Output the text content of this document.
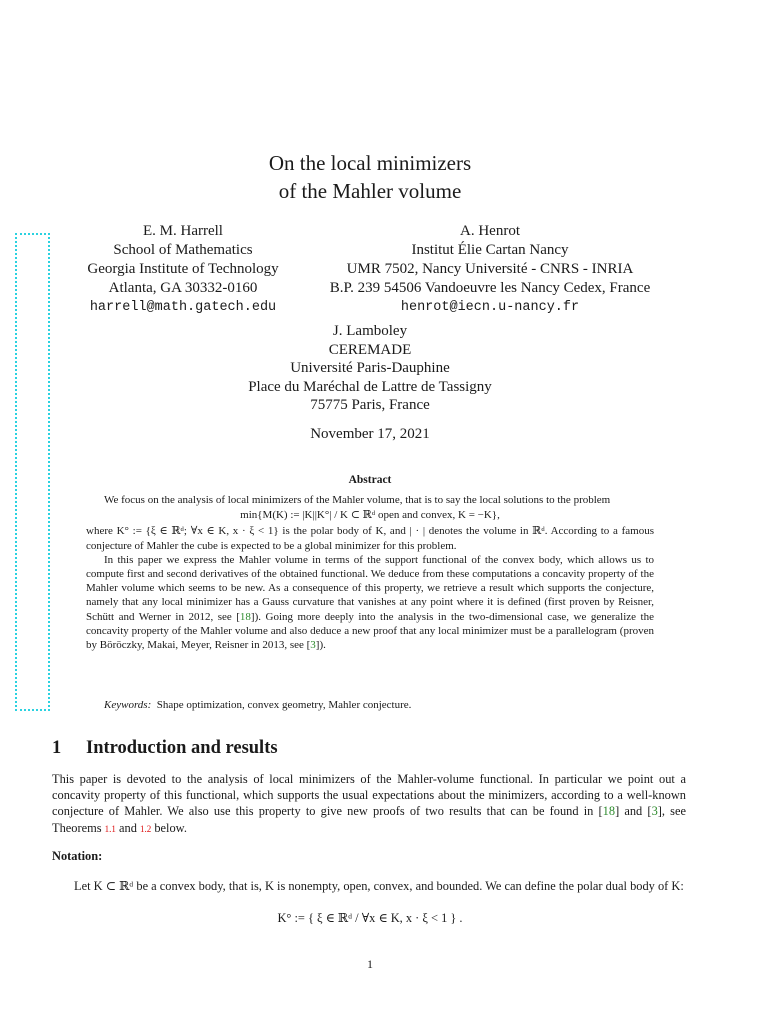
On the local minimizers
of the Mahler volume
E. M. Harrell
School of Mathematics
Georgia Institute of Technology
Atlanta, GA 30332-0160
harrell@math.gatech.edu
A. Henrot
Institut Élie Cartan Nancy
UMR 7502, Nancy Université - CNRS - INRIA
B.P. 239 54506 Vandoeuvre les Nancy Cedex, France
henrot@iecn.u-nancy.fr
J. Lamboley
CEREMADE
Université Paris-Dauphine
Place du Maréchal de Lattre de Tassigny
75775 Paris, France
November 17, 2021
Abstract

We focus on the analysis of local minimizers of the Mahler volume, that is to say the local solutions to the problem

min{M(K) := |K||K°| / K ⊂ ℝᵈ open and convex, K = −K},

where K° := {ξ ∈ ℝᵈ; ∀x ∈ K, x · ξ < 1} is the polar body of K, and | · | denotes the volume in ℝᵈ. According to a famous conjecture of Mahler the cube is expected to be a global minimizer for this problem.

In this paper we express the Mahler volume in terms of the support functional of the convex body, which allows us to compute first and second derivatives of the obtained functional. We deduce from these computations a concavity property of the Mahler volume which seems to be new. As a consequence of this property, we retrieve a result which supports the conjecture, namely that any local minimizer has a Gauss curvature that vanishes at any point where it is defined (first proven by Reisner, Schütt and Werner in 2012, see [18]). Going more deeply into the analysis in the two-dimensional case, we generalize the concavity property of the Mahler volume and also deduce a new proof that any local minimizer must be a parallelogram (proven by Böröczky, Makai, Meyer, Reisner in 2013, see [3]).

Keywords: Shape optimization, convex geometry, Mahler conjecture.
1 Introduction and results

This paper is devoted to the analysis of local minimizers of the Mahler-volume functional. In particular we point out a concavity property of this functional, which supports the usual expectations about the minimizers, according to a well-known conjecture of Mahler. We also use this property to give new proofs of two results that can be found in [18] and [3], see Theorems 1.1 and 1.2 below.

Notation:
Let K ⊂ ℝᵈ be a convex body, that is, K is nonempty, open, convex, and bounded. We can define the polar dual body of K:
K° := { ξ ∈ ℝᵈ / ∀x ∈ K, x · ξ < 1 } .
1
